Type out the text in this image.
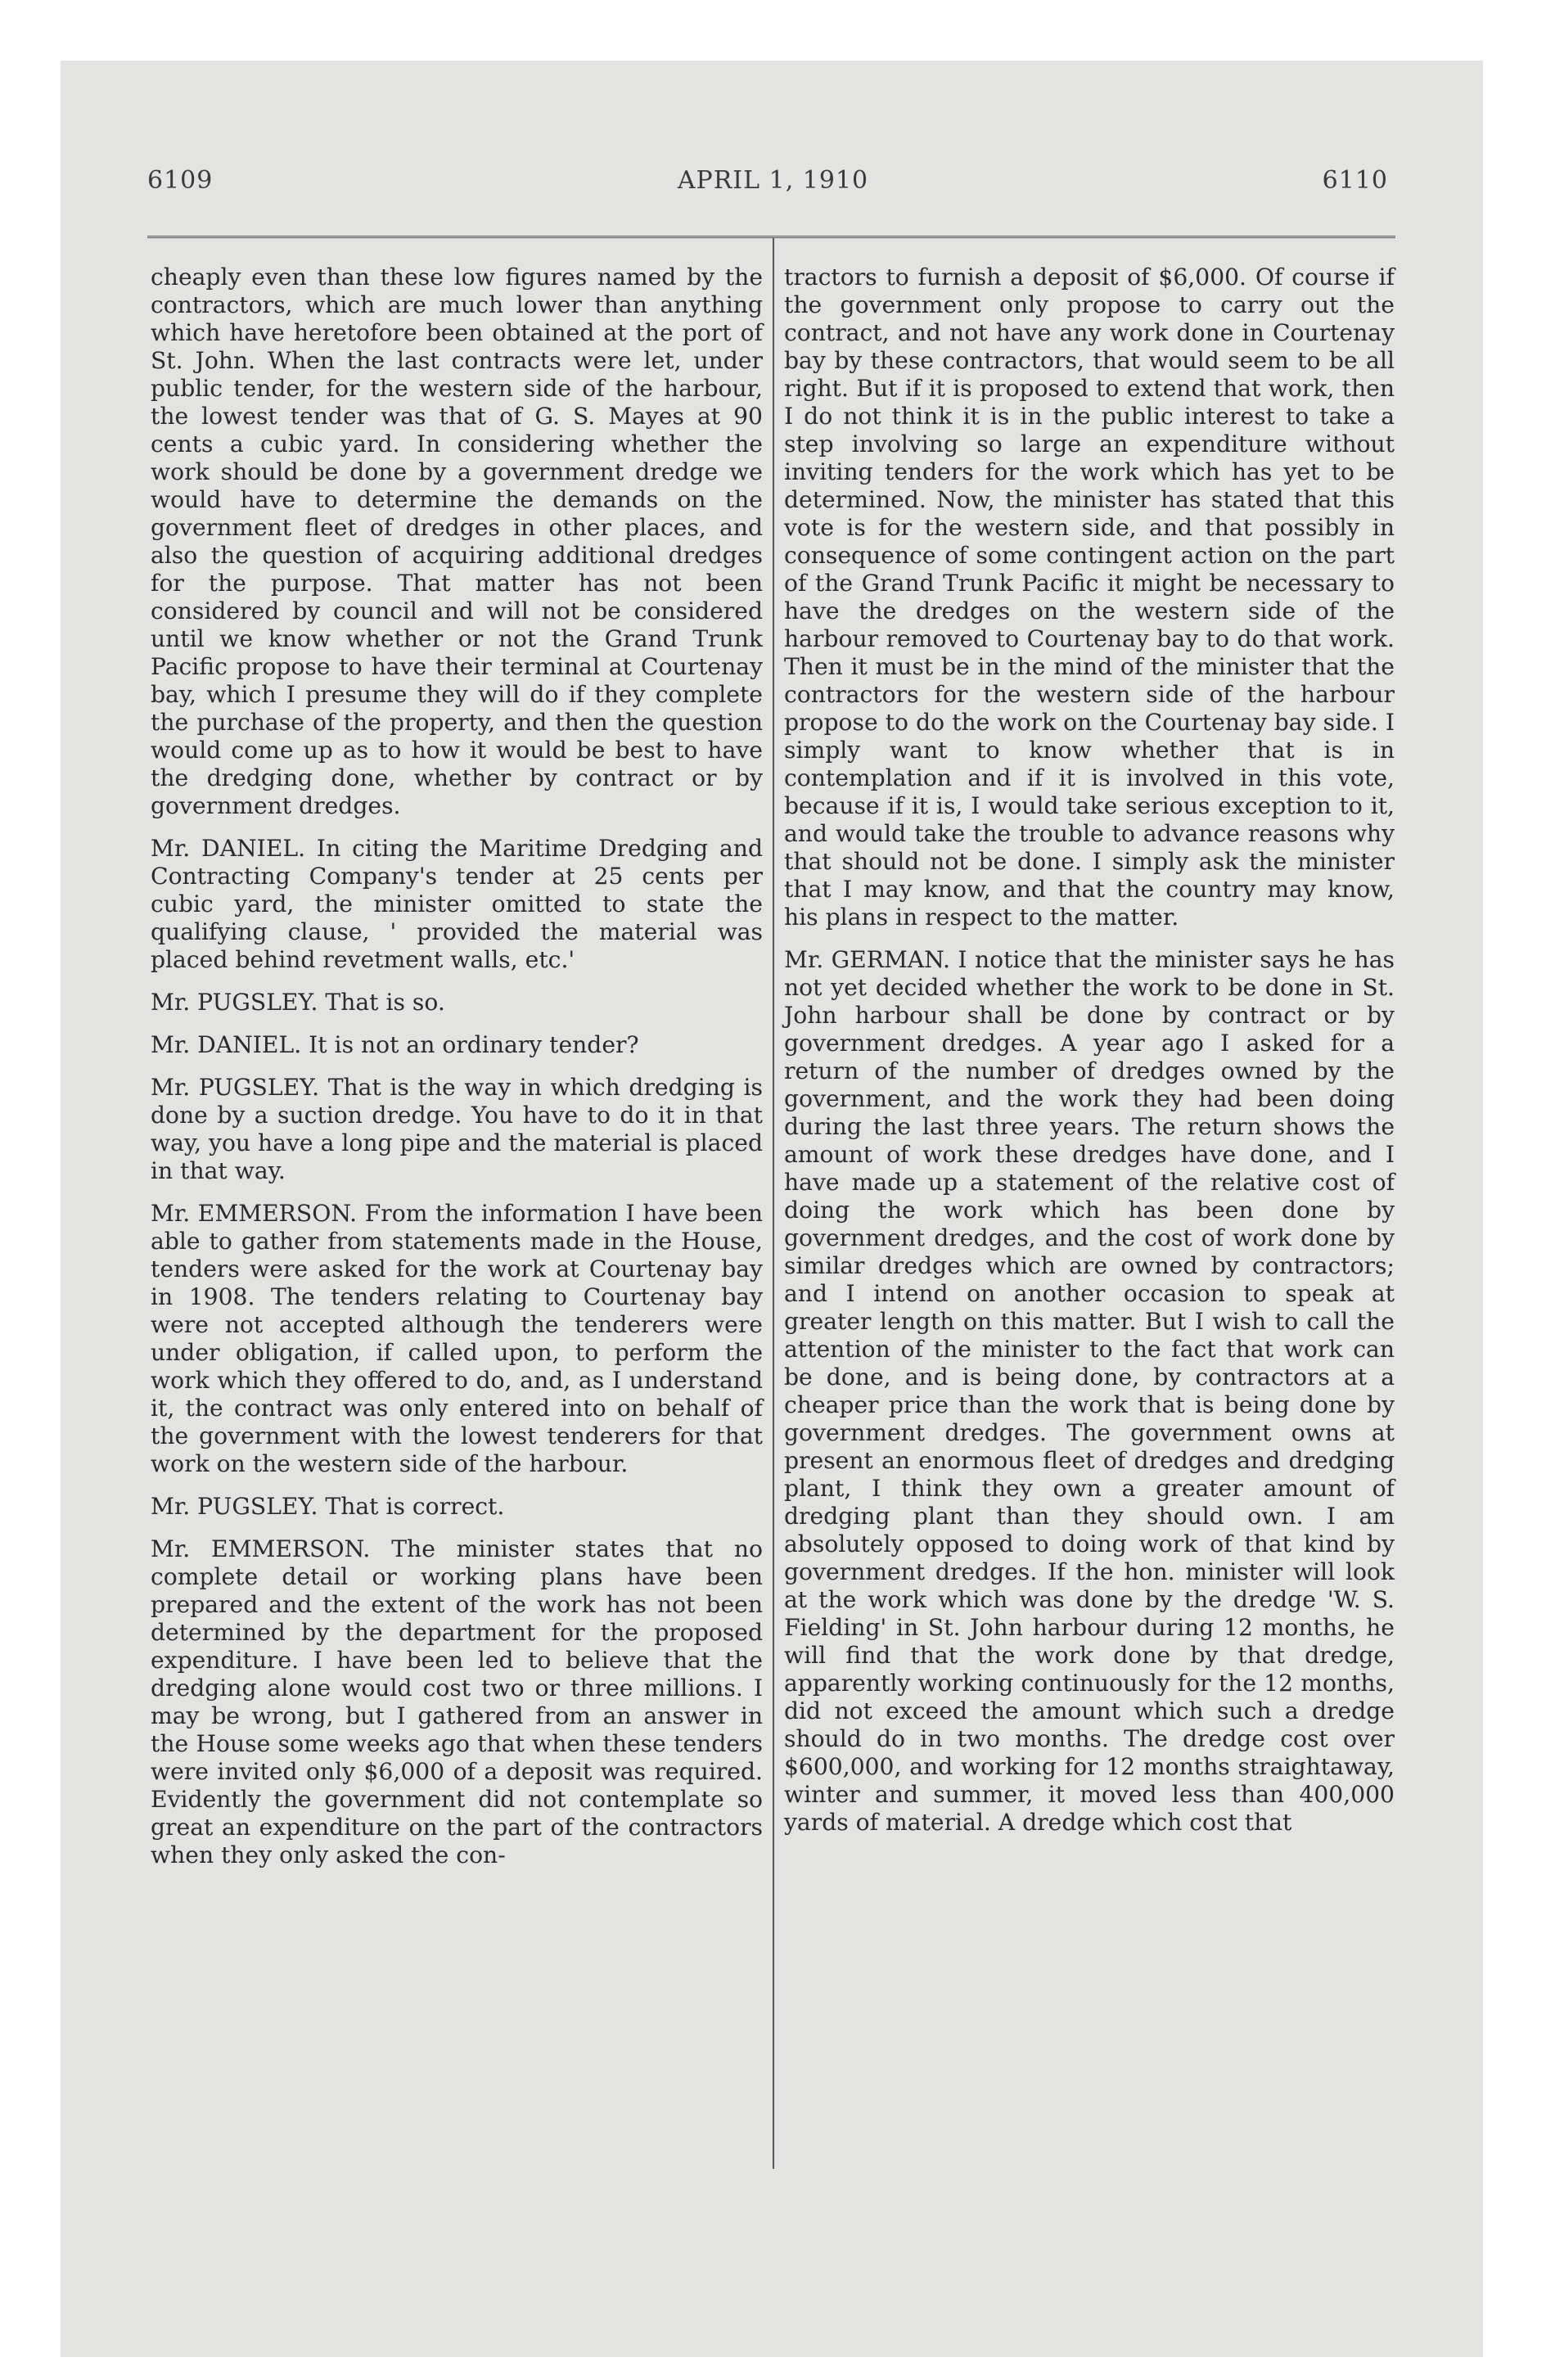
6109	APRIL 1, 1910	6110

cheaply even than these low figures named by the contractors, which are much lower than anything which have heretofore been obtained at the port of St. John. When the last contracts were let, under public tender, for the western side of the harbour, the lowest tender was that of G. S. Mayes at 90 cents a cubic yard. In considering whether the work should be done by a government dredge we would have to determine the demands on the government fleet of dredges in other places, and also the question of acquiring additional dredges for the purpose. That matter has not been considered by council and will not be considered until we know whether or not the Grand Trunk Pacific propose to have their terminal at Courtenay bay, which I presume they will do if they complete the purchase of the property, and then the question would come up as to how it would be best to have the dredging done, whether by contract or by government dredges.

Mr. DANIEL. In citing the Maritime Dredging and Contracting Company's tender at 25 cents per cubic yard, the minister omitted to state the qualifying clause, ' provided the material was placed behind revetment walls, etc.'

Mr. PUGSLEY. That is so.

Mr. DANIEL. It is not an ordinary tender?

Mr. PUGSLEY. That is the way in which dredging is done by a suction dredge. You have to do it in that way, you have a long pipe and the material is placed in that way.

Mr. EMMERSON. From the information I have been able to gather from statements made in the House, tenders were asked for the work at Courtenay bay in 1908. The tenders relating to Courtenay bay were not accepted although the tenderers were under obligation, if called upon, to perform the work which they offered to do, and, as I understand it, the contract was only entered into on behalf of the government with the lowest tenderers for that work on the western side of the harbour.

Mr. PUGSLEY. That is correct.

Mr. EMMERSON. The minister states that no complete detail or working plans have been prepared and the extent of the work has not been determined by the department for the proposed expenditure. I have been led to believe that the dredging alone would cost two or three millions. I may be wrong, but I gathered from an answer in the House some weeks ago that when these tenders were invited only $6,000 of a deposit was required. Evidently the government did not contemplate so great an expenditure on the part of the contractors when they only asked the con-

tractors to furnish a deposit of $6,000. Of course if the government only propose to carry out the contract, and not have any work done in Courtenay bay by these contractors, that would seem to be all right. But if it is proposed to extend that work, then I do not think it is in the public interest to take a step involving so large an expenditure without inviting tenders for the work which has yet to be determined. Now, the minister has stated that this vote is for the western side, and that possibly in consequence of some contingent action on the part of the Grand Trunk Pacific it might be necessary to have the dredges on the western side of the harbour removed to Courtenay bay to do that work. Then it must be in the mind of the minister that the contractors for the western side of the harbour propose to do the work on the Courtenay bay side. I simply want to know whether that is in contemplation and if it is involved in this vote, because if it is, I would take serious exception to it, and would take the trouble to advance reasons why that should not be done. I simply ask the minister that I may know, and that the country may know, his plans in respect to the matter.

Mr. GERMAN. I notice that the minister says he has not yet decided whether the work to be done in St. John harbour shall be done by contract or by government dredges. A year ago I asked for a return of the number of dredges owned by the government, and the work they had been doing during the last three years. The return shows the amount of work these dredges have done, and I have made up a statement of the relative cost of doing the work which has been done by government dredges, and the cost of work done by similar dredges which are owned by contractors; and I intend on another occasion to speak at greater length on this matter. But I wish to call the attention of the minister to the fact that work can be done, and is being done, by contractors at a cheaper price than the work that is being done by government dredges. The government owns at present an enormous fleet of dredges and dredging plant, I think they own a greater amount of dredging plant than they should own. I am absolutely opposed to doing work of that kind by government dredges. If the hon. minister will look at the work which was done by the dredge 'W. S. Fielding' in St. John harbour during 12 months, he will find that the work done by that dredge, apparently working continuously for the 12 months, did not exceed the amount which such a dredge should do in two months. The dredge cost over $600,000, and working for 12 months straightaway, winter and summer, it moved less than 400,000 yards of material. A dredge which cost that
